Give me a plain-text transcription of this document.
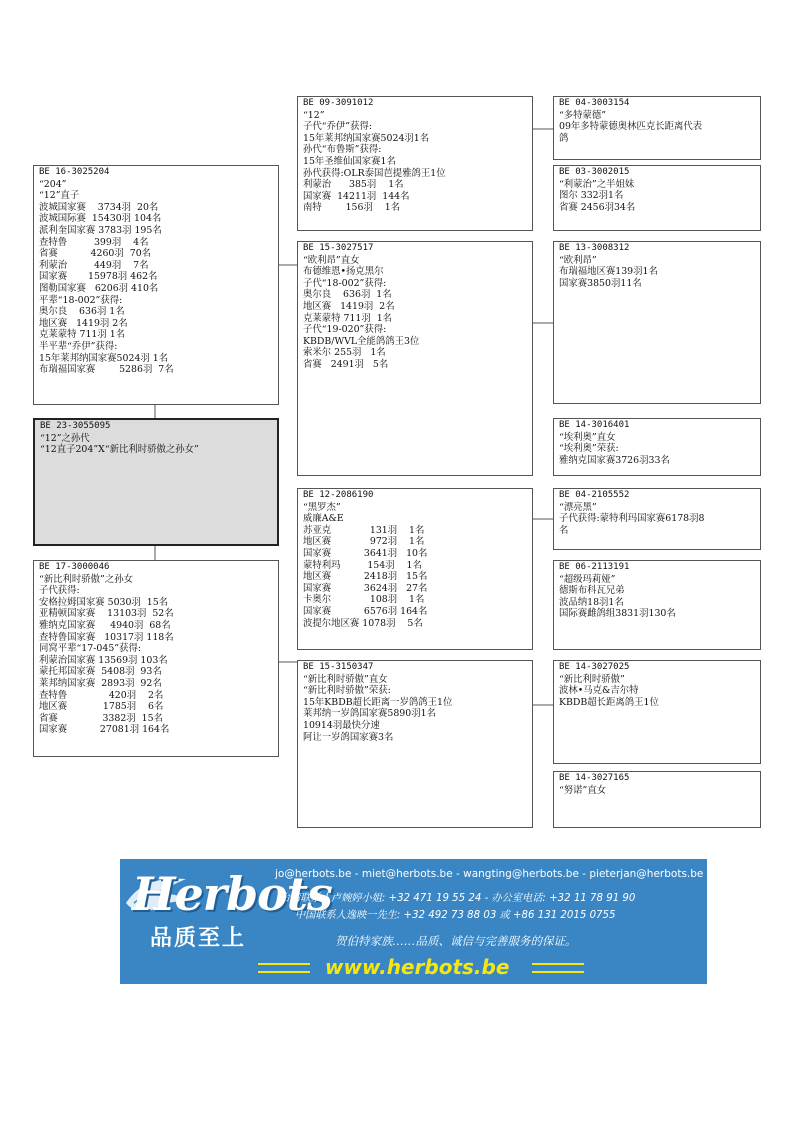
BE 16-3025204
“204”
“12”直子
波城国家赛    3734羽  20名
波城国际赛  15430羽 104名
派利奎国家赛 3783羽 195名
查特鲁         399羽    4名
省赛           4260羽  70名
利蒙治         449羽    7名
国家赛       15978羽 462名
图勒国家赛   6206羽 410名
平辈“18-002”获得:
奥尔良    636羽 1名
地区赛   1419羽 2名
克莱蒙特 711羽 1名
半平辈“乔伊”获得:
15年莱邦纳国家赛5024羽 1名
布瑞福国家赛        5286羽  7名
BE 23-3055095
“12”之孙代
“12直子204”X“新比利时骄傲之孙女”
BE 17-3000046
“新比利时骄傲”之孙女
子代获得:
安格拉姆国家赛 5030羽  15名
亚精顿国家赛    13103羽  52名
雅纳克国家赛     4940羽  68名
查特鲁国家赛   10317羽 118名
同窝平辈“17-045”获得:
利蒙治国家赛 13569羽 103名
蒙托邦国家赛  5408羽  93名
莱邦纳国家赛  2893羽  92名
查特鲁              420羽    2名
地区赛            1785羽    6名
省赛               3382羽  15名
国家赛           27081羽 164名
BE 09-3091012
“12”
子代“乔伊”获得:
15年莱邦纳国家赛5024羽1名
孙代“布鲁斯”获得:
15年圣维仙国家赛1名
孙代获得:OLR泰国芭提雅鸽王1位
利蒙治      385羽    1名
国家赛  14211羽  144名
南特        156羽    1名
BE 15-3027517
“欧利昂”直女
布德维恩•扬克黑尔
子代“18-002”获得:
奥尔良    636羽  1名
地区赛   1419羽  2名
克莱蒙特 711羽  1名
子代“19-020”获得:
KBDB/WVL全能鸽鸽王3位
索米尔 255羽   1名
省赛   2491羽   5名
BE 12-2086190
“黑罗杰”
威廉A&E
苏亚克             131羽    1名
地区赛             972羽    1名
国家赛           3641羽   10名
蒙特利玛         154羽    1名
地区赛           2418羽   15名
国家赛           3624羽   27名
卡奥尔             108羽    1名
国家赛           6576羽 164名
波提尔地区赛 1078羽    5名
BE 15-3150347
“新比利时骄傲”直女
“新比利时骄傲”荣获:
15年KBDB超长距离一岁鸽鸽王1位
莱邦纳一岁鸽国家赛5890羽1名
10914羽最快分速
阿让一岁鸽国家赛3名
BE 04-3003154
“多特蒙德”
09年多特蒙德奥林匹克长距离代表
鸽
BE 03-3002015
“利蒙治”之半姐妹
图尔 332羽1名
省赛 2456羽34名
BE 13-3008312
“欧利昂”
布瑞福地区赛139羽1名
国家赛3850羽11名
BE 14-3016401
“埃利奥”直女
“埃利奥”荣获:
雅纳克国家赛3726羽33名
BE 04-2105552
“漂亮黑”
子代获得:蒙特利玛国家赛6178羽8
名
BE 06-2113191
“超级玛莉娅”
德斯布科瓦兄弟
波品纳18羽1名
国际赛雌鸽组3831羽130名
BE 14-3027025
“新比利时骄傲”
波林•马克&吉尔特
KBDB超长距离鸽王1位
BE 14-3027165
“努诺”直女
Herbots
品质至上
jo@herbots.be - miet@herbots.be - wangting@herbots.be - pieterjan@herbots.be
台湾联系人卢婉婷小姐: +32 471 19 55 24 - 办公室电话: +32 11 78 91 90
中国联系人逸映一先生: +32 492 73 88 03 或 +86 131 2015 0755
贺伯特家族……品质、诚信与完善服务的保证。
www.herbots.be
